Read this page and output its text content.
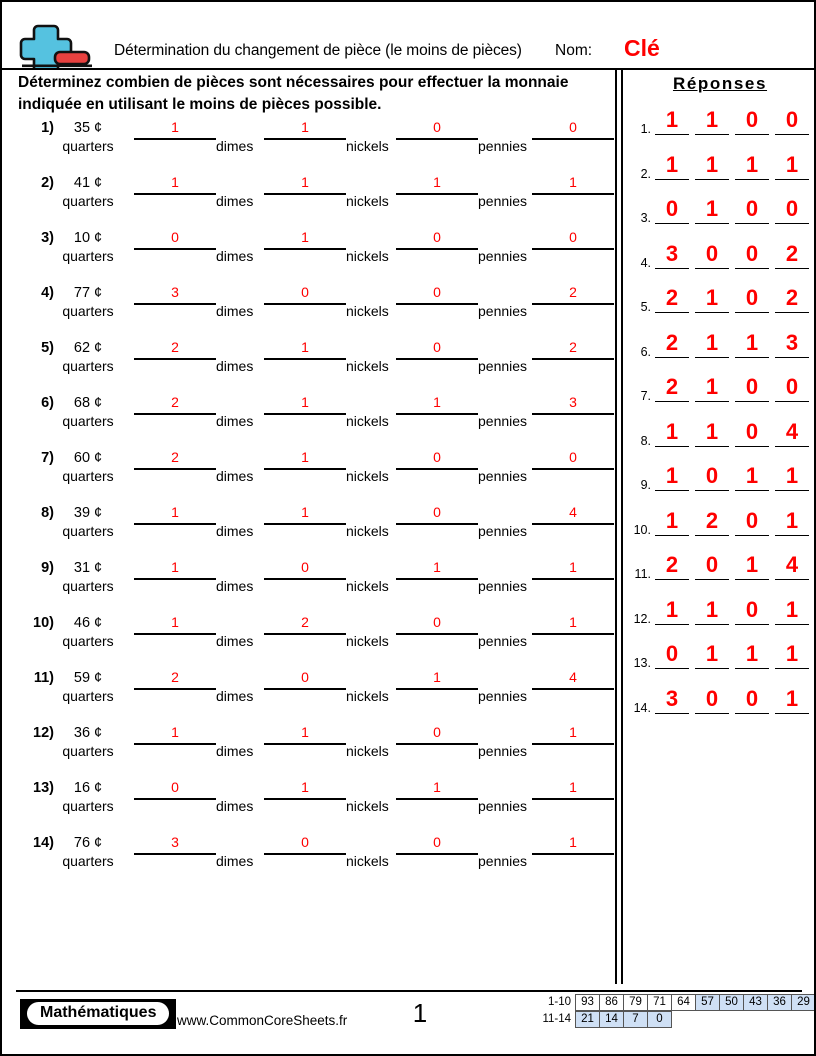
Détermination du changement de pièce (le moins de pièces) Nom: Clé
Déterminez combien de pièces sont nécessaires pour effectuer la monnaie indiquée en utilisant le moins de pièces possible.
1)	35 ¢
quarters
1
dimes
1
nickels
0
pennies
0
2)	41 ¢
quarters
1
dimes
1
nickels
1
pennies
1
3)	10 ¢
quarters
0
dimes
1
nickels
0
pennies
0
4)	77 ¢
quarters
3
dimes
0
nickels
0
pennies
2
5)	62 ¢
quarters
2
dimes
1
nickels
0
pennies
2
6)	68 ¢
quarters
2
dimes
1
nickels
1
pennies
3
7)	60 ¢
quarters
2
dimes
1
nickels
0
pennies
0
8)	39 ¢
quarters
1
dimes
1
nickels
0
pennies
4
9)	31 ¢
quarters
1
dimes
0
nickels
1
pennies
1
10)	46 ¢
quarters
1
dimes
2
nickels
0
pennies
1
11)	59 ¢
quarters
2
dimes
0
nickels
1
pennies
4
12)	36 ¢
quarters
1
dimes
1
nickels
0
pennies
1
13)	16 ¢
quarters
0
dimes
1
nickels
1
pennies
1
14)	76 ¢
quarters
3
dimes
0
nickels
0
pennies
1
Réponses
1. 1	1	0	0
2. 1	1	1	1
3. 0	1	0	0
4. 3	0	0	2
5. 2	1	0	2
6. 2	1	1	3
7. 2	1	0	0
8. 1	1	0	4
9. 1	0	1	1
10. 1	2	0	1
11. 2	0	1	4
12. 1	1	0	1
13. 0	1	1	1
14. 3	0	0	1
Mathématiques	www.CommonCoreSheets.fr	1	1-10 93 86 79 71 64 57 50 43 36 29
11-14 21 14	7	0
